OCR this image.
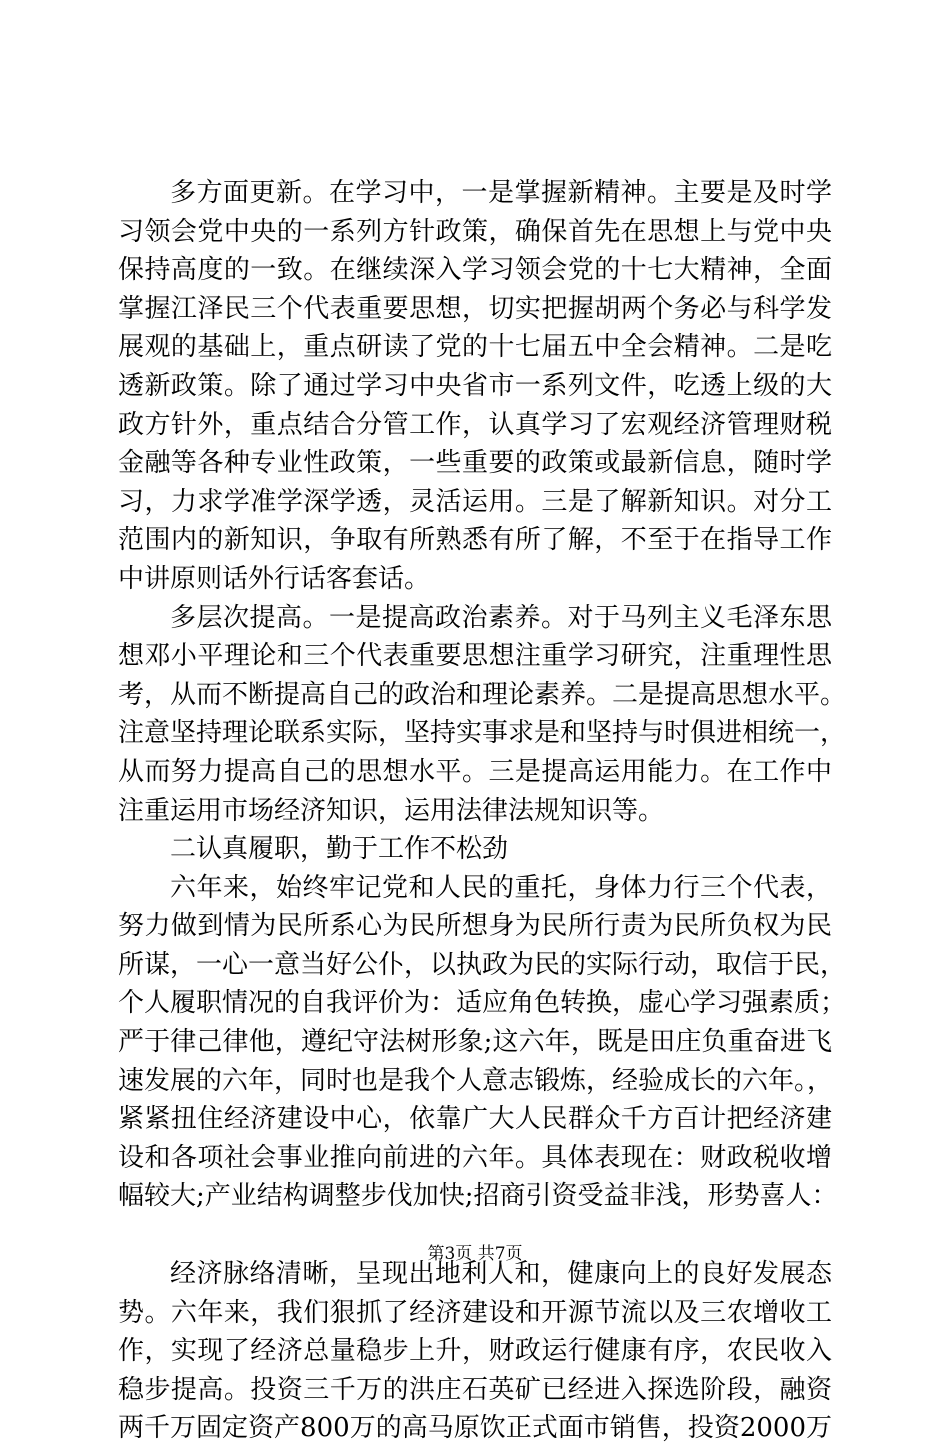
多方面更新。在学习中，一是掌握新精神。主要是及时学
习领会党中央的一系列方针政策，确保首先在思想上与党中央
保持高度的一致。在继续深入学习领会党的十七大精神，全面
掌握江泽民三个代表重要思想，切实把握胡两个务必与科学发
展观的基础上，重点研读了党的十七届五中全会精神。二是吃
透新政策。除了通过学习中央省市一系列文件，吃透上级的大
政方针外，重点结合分管工作，认真学习了宏观经济管理财税
金融等各种专业性政策，一些重要的政策或最新信息，随时学
习，力求学准学深学透，灵活运用。三是了解新知识。对分工
范围内的新知识，争取有所熟悉有所了解，不至于在指导工作
中讲原则话外行话客套话。
多层次提高。一是提高政治素养。对于马列主义毛泽东思
想邓小平理论和三个代表重要思想注重学习研究，注重理性思
考，从而不断提高自己的政治和理论素养。二是提高思想水平。
注意坚持理论联系实际，坚持实事求是和坚持与时俱进相统一，
从而努力提高自己的思想水平。三是提高运用能力。在工作中
注重运用市场经济知识，运用法律法规知识等。
二认真履职，勤于工作不松劲
六年来，始终牢记党和人民的重托，身体力行三个代表，
努力做到情为民所系心为民所想身为民所行责为民所负权为民
所谋，一心一意当好公仆，以执政为民的实际行动，取信于民，
个人履职情况的自我评价为：适应角色转换，虚心学习强素质；
严于律己律他，遵纪守法树形象;这六年，既是田庄负重奋进飞
速发展的六年，同时也是我个人意志锻炼，经验成长的六年。，
紧紧扭住经济建设中心，依靠广大人民群众千方百计把经济建
设和各项社会事业推向前进的六年。具体表现在：财政税收增
幅较大;产业结构调整步伐加快;招商引资受益非浅，形势喜人：
经济脉络清晰，呈现出地利人和，健康向上的良好发展态
势。六年来，我们狠抓了经济建设和开源节流以及三农增收工
作，实现了经济总量稳步上升，财政运行健康有序，农民收入
稳步提高。投资三千万的洪庄石英矿已经进入探选阶段，融资
两千万固定资产800万的高马原饮正式面市销售，投资2000万
第3页 共7页
